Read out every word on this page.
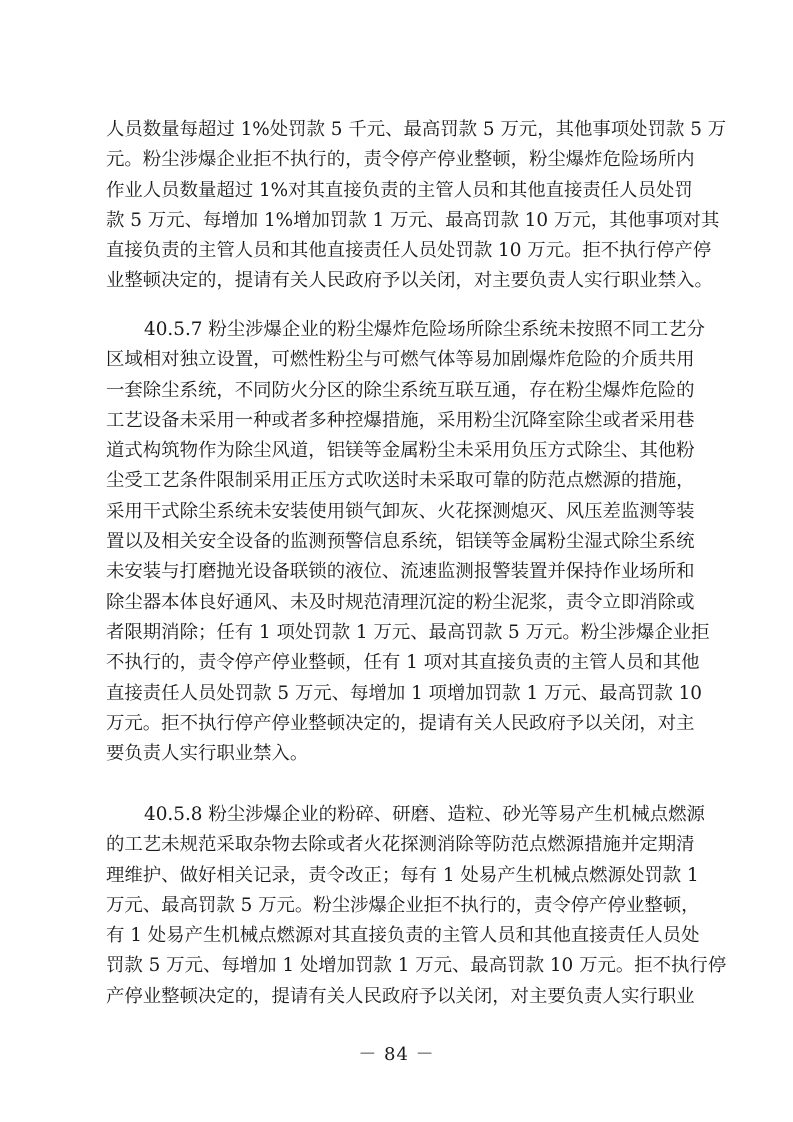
人员数量每超过 1%处罚款 5 千元、最高罚款 5 万元，其他事项处罚款 5 万
元。粉尘涉爆企业拒不执行的，责令停产停业整顿，粉尘爆炸危险场所内
作业人员数量超过 1%对其直接负责的主管人员和其他直接责任人员处罚
款 5 万元、每增加 1%增加罚款 1 万元、最高罚款 10 万元，其他事项对其
直接负责的主管人员和其他直接责任人员处罚款 10 万元。拒不执行停产停
业整顿决定的，提请有关人民政府予以关闭，对主要负责人实行职业禁入。
40.5.7 粉尘涉爆企业的粉尘爆炸危险场所除尘系统未按照不同工艺分
区域相对独立设置，可燃性粉尘与可燃气体等易加剧爆炸危险的介质共用
一套除尘系统，不同防火分区的除尘系统互联互通，存在粉尘爆炸危险的
工艺设备未采用一种或者多种控爆措施，采用粉尘沉降室除尘或者采用巷
道式构筑物作为除尘风道，铝镁等金属粉尘未采用负压方式除尘、其他粉
尘受工艺条件限制采用正压方式吹送时未采取可靠的防范点燃源的措施，
采用干式除尘系统未安装使用锁气卸灰、火花探测熄灭、风压差监测等装
置以及相关安全设备的监测预警信息系统，铝镁等金属粉尘湿式除尘系统
未安装与打磨抛光设备联锁的液位、流速监测报警装置并保持作业场所和
除尘器本体良好通风、未及时规范清理沉淀的粉尘泥浆，责令立即消除或
者限期消除；任有 1 项处罚款 1 万元、最高罚款 5 万元。粉尘涉爆企业拒
不执行的，责令停产停业整顿，任有 1 项对其直接负责的主管人员和其他
直接责任人员处罚款 5 万元、每增加 1 项增加罚款 1 万元、最高罚款 10
万元。拒不执行停产停业整顿决定的，提请有关人民政府予以关闭，对主
要负责人实行职业禁入。
40.5.8 粉尘涉爆企业的粉碎、研磨、造粒、砂光等易产生机械点燃源
的工艺未规范采取杂物去除或者火花探测消除等防范点燃源措施并定期清
理维护、做好相关记录，责令改正；每有 1 处易产生机械点燃源处罚款 1
万元、最高罚款 5 万元。粉尘涉爆企业拒不执行的，责令停产停业整顿，
有 1 处易产生机械点燃源对其直接负责的主管人员和其他直接责任人员处
罚款 5 万元、每增加 1 处增加罚款 1 万元、最高罚款 10 万元。拒不执行停
产停业整顿决定的，提请有关人民政府予以关闭，对主要负责人实行职业
－ 84 －
